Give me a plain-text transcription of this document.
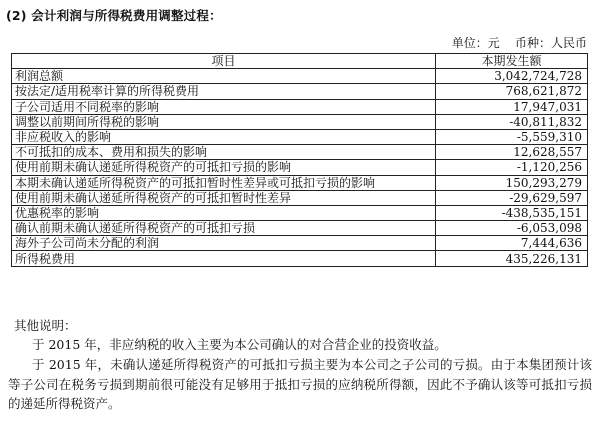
(2) 会计利润与所得税费用调整过程：
单位：元    币种：人民币
项目	本期发生额
利润总额	3,042,724,728
按法定/适用税率计算的所得税费用	768,621,872
子公司适用不同税率的影响	17,947,031
调整以前期间所得税的影响	-40,811,832
非应税收入的影响	-5,559,310
不可抵扣的成本、费用和损失的影响	12,628,557
使用前期未确认递延所得税资产的可抵扣亏损的影响	-1,120,256
本期未确认递延所得税资产的可抵扣暂时性差异或可抵扣亏损的影响	150,293,279
使用前期未确认递延所得税资产的可抵扣暂时性差异	-29,629,597
优惠税率的影响	-438,535,151
确认前期未确认递延所得税资产的可抵扣亏损	-6,053,098
海外子公司尚未分配的利润	7,444,636
所得税费用	435,226,131
其他说明：
于 2015 年，非应纳税的收入主要为本公司确认的对合营企业的投资收益。
于 2015 年，未确认递延所得税资产的可抵扣亏损主要为本公司之子公司的亏损。由于本集团预计该等子公司在税务亏损到期前很可能没有足够用于抵扣亏损的应纳税所得额，因此不予确认该等可抵扣亏损的递延所得税资产。
